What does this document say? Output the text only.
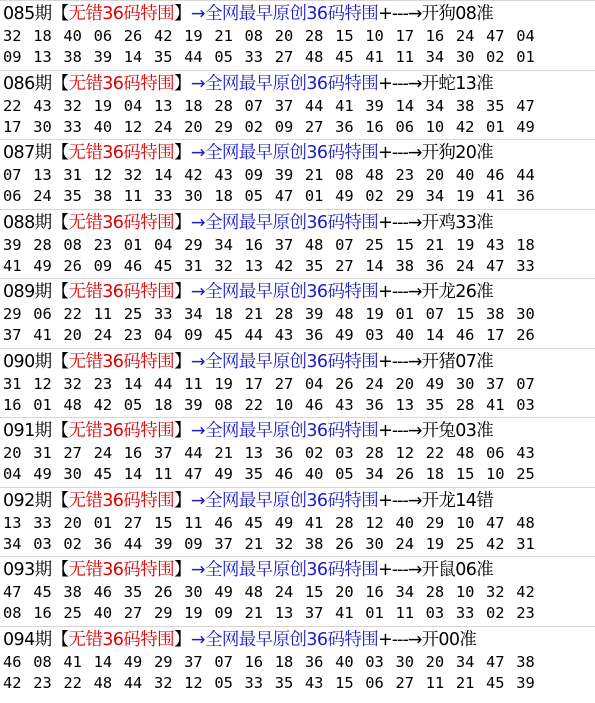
085期【无错36码特围】→全网最早原创36码特围+---→开狗08准
32 18 40 06 26 42 19 21 08 20 28 15 10 17 16 24 47 04
09 13 38 39 14 35 44 05 33 27 48 45 41 11 34 30 02 01
086期【无错36码特围】→全网最早原创36码特围+---→开蛇13准
22 43 32 19 04 13 18 28 07 37 44 41 39 14 34 38 35 47
17 30 33 40 12 24 20 29 02 09 27 36 16 06 10 42 01 49
087期【无错36码特围】→全网最早原创36码特围+---→开狗20准
07 13 31 12 32 14 42 43 09 39 21 08 48 23 20 40 46 44
06 24 35 38 11 33 30 18 05 47 01 49 02 29 34 19 41 36
088期【无错36码特围】→全网最早原创36码特围+---→开鸡33准
39 28 08 23 01 04 29 34 16 37 48 07 25 15 21 19 43 18
41 49 26 09 46 45 31 32 13 42 35 27 14 38 36 24 47 33
089期【无错36码特围】→全网最早原创36码特围+---→开龙26准
29 06 22 11 25 33 34 18 21 28 39 48 19 01 07 15 38 30
37 41 20 24 23 04 09 45 44 43 36 49 03 40 14 46 17 26
090期【无错36码特围】→全网最早原创36码特围+---→开猪07准
31 12 32 23 14 44 11 19 17 27 04 26 24 20 49 30 37 07
16 01 48 42 05 18 39 08 22 10 46 43 36 13 35 28 41 03
091期【无错36码特围】→全网最早原创36码特围+---→开兔03准
20 31 27 24 16 37 44 21 13 36 02 03 28 12 22 48 06 43
04 49 30 45 14 11 47 49 35 46 40 05 34 26 18 15 10 25
092期【无错36码特围】→全网最早原创36码特围+---→开龙14错
13 33 20 01 27 15 11 46 45 49 41 28 12 40 29 10 47 48
34 03 02 36 44 39 09 37 21 32 38 26 30 24 19 25 42 31
093期【无错36码特围】→全网最早原创36码特围+---→开鼠06准
47 45 38 46 35 26 30 49 48 24 15 20 16 34 28 10 32 42
08 16 25 40 27 29 19 09 21 13 37 41 01 11 03 33 02 23
094期【无错36码特围】→全网最早原创36码特围+---→开00准
46 08 41 14 49 29 37 07 16 18 36 40 03 30 20 34 47 38
42 23 22 48 44 32 12 05 33 35 43 15 06 27 11 21 45 39
